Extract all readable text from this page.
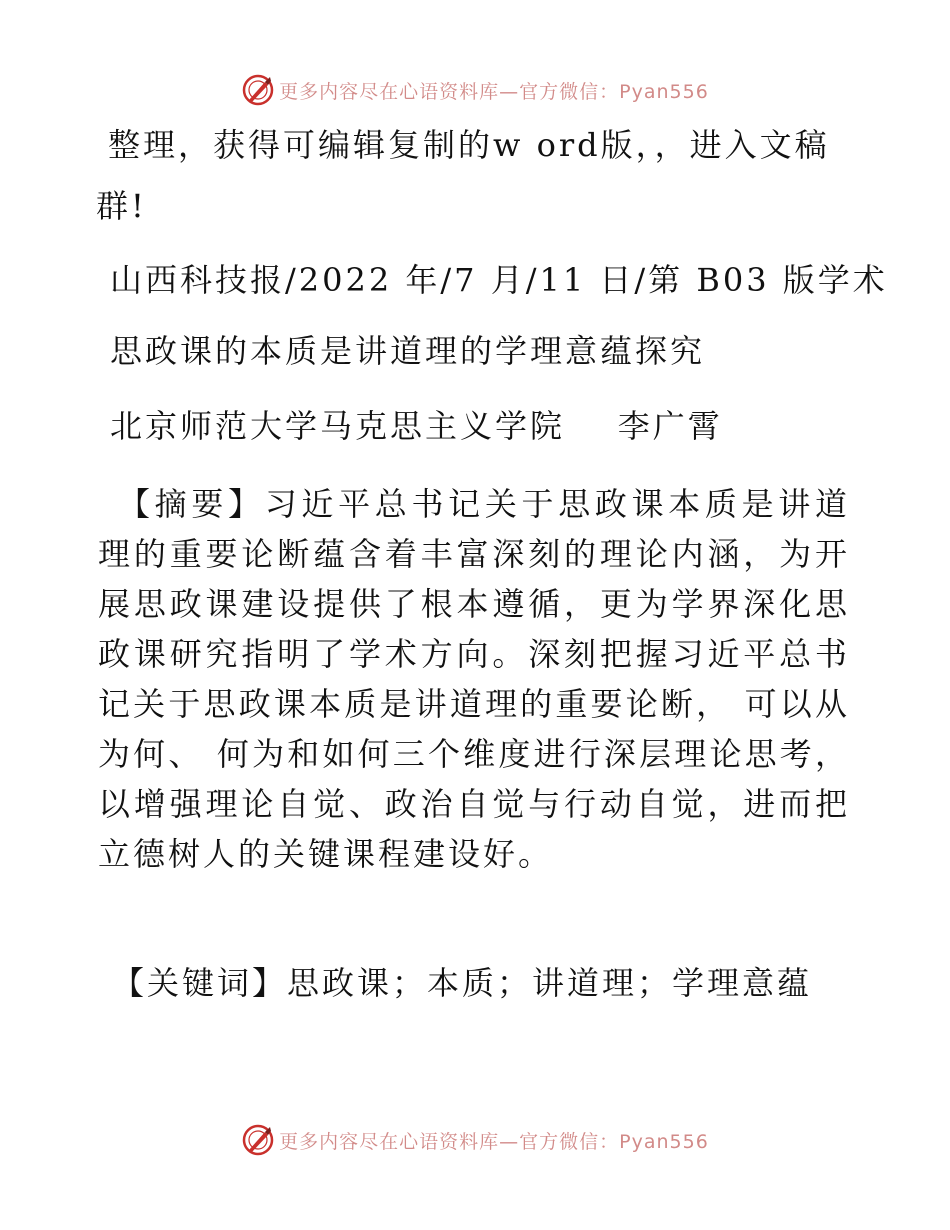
更多内容尽在心语资料库—官方微信：Pyan556
整理，获得可编辑复制的w ord版，，进入文稿
群!
山西科技报/2022 年/7 月/11 日/第 B03 版学术
思政课的本质是讲道理的学理意蕴探究
北京师范大学马克思主义学院    李广霄
【摘要】习近平总书记关于思政课本质是讲道理的重要论断蕴含着丰富深刻的理论内涵，为开展思政课建设提供了根本遵循，更为学界深化思政课研究指明了学术方向。深刻把握习近平总书记关于思政课本质是讲道理的重要论断， 可以从为何、 何为和如何三个维度进行深层理论思考，以增强理论自觉、政治自觉与行动自觉，进而把立德树人的关键课程建设好。
【关键词】思政课；本质；讲道理；学理意蕴
更多内容尽在心语资料库—官方微信：Pyan556
